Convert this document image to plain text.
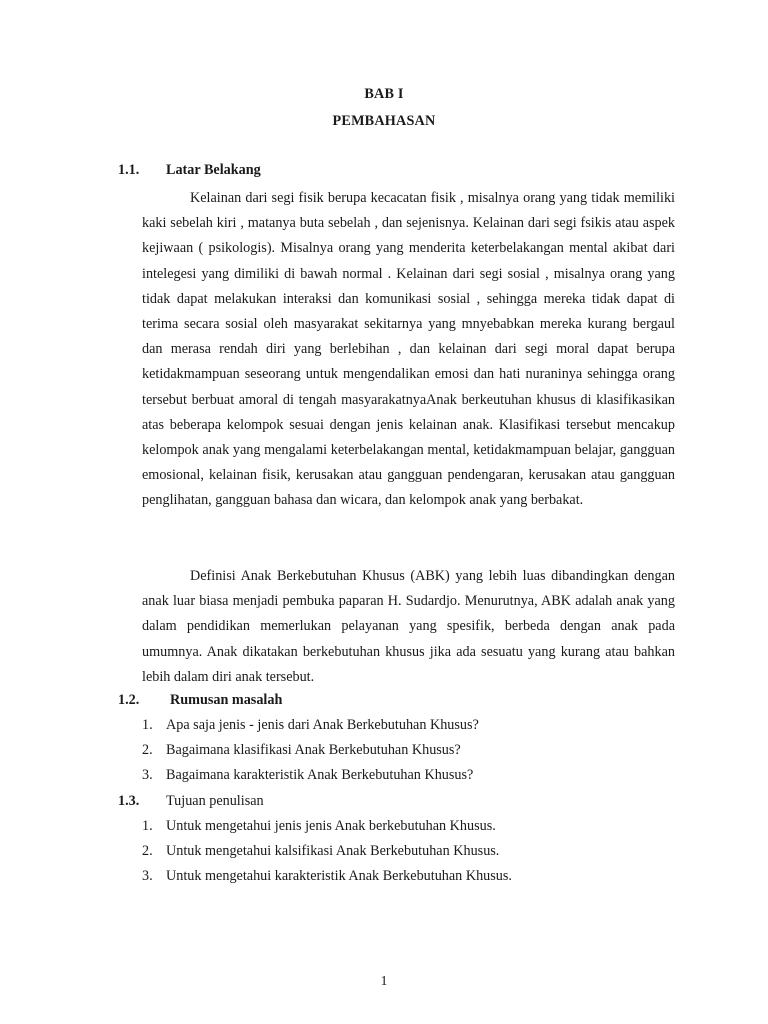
BAB I
PEMBAHASAN
1.1. Latar Belakang

Kelainan dari segi fisik berupa kecacatan fisik , misalnya orang yang tidak memiliki kaki sebelah kiri , matanya buta sebelah , dan sejenisnya. Kelainan dari segi fsikis atau aspek kejiwaan ( psikologis). Misalnya orang yang menderita keterbelakangan mental akibat dari intelegesi yang dimiliki di bawah normal . Kelainan dari segi sosial , misalnya orang yang tidak dapat melakukan interaksi dan komunikasi sosial , sehingga mereka tidak dapat di terima secara sosial oleh masyarakat sekitarnya yang mnyebabkan mereka kurang bergaul dan merasa rendah diri yang berlebihan , dan kelainan dari segi moral dapat berupa ketidakmampuan seseorang untuk mengendalikan emosi dan hati nuraninya sehingga orang tersebut berbuat amoral di tengah masyarakatnyaAnak berkeutuhan khusus di klasifikasikan atas beberapa kelompok sesuai dengan jenis kelainan anak. Klasifikasi tersebut mencakup kelompok anak yang mengalami keterbelakangan mental, ketidakmampuan belajar, gangguan emosional, kelainan fisik, kerusakan atau gangguan pendengaran, kerusakan atau gangguan penglihatan, gangguan bahasa dan wicara, dan kelompok anak yang berbakat.

Definisi Anak Berkebutuhan Khusus (ABK) yang lebih luas dibandingkan dengan anak luar biasa menjadi pembuka paparan H. Sudardjo. Menurutnya, ABK adalah anak yang dalam pendidikan memerlukan pelayanan yang spesifik, berbeda dengan anak pada umumnya. Anak dikatakan berkebutuhan khusus jika ada sesuatu yang kurang atau bahkan lebih dalam diri anak tersebut.

1.2. Rumusan masalah
1. Apa saja jenis - jenis dari Anak Berkebutuhan Khusus?
2. Bagaimana klasifikasi Anak Berkebutuhan Khusus?
3. Bagaimana karakteristik Anak Berkebutuhan Khusus?
1.3. Tujuan penulisan
1. Untuk mengetahui jenis jenis Anak berkebutuhan Khusus.
2. Untuk mengetahui kalsifikasi Anak Berkebutuhan Khusus.
3. Untuk mengetahui karakteristik Anak Berkebutuhan Khusus.
1
